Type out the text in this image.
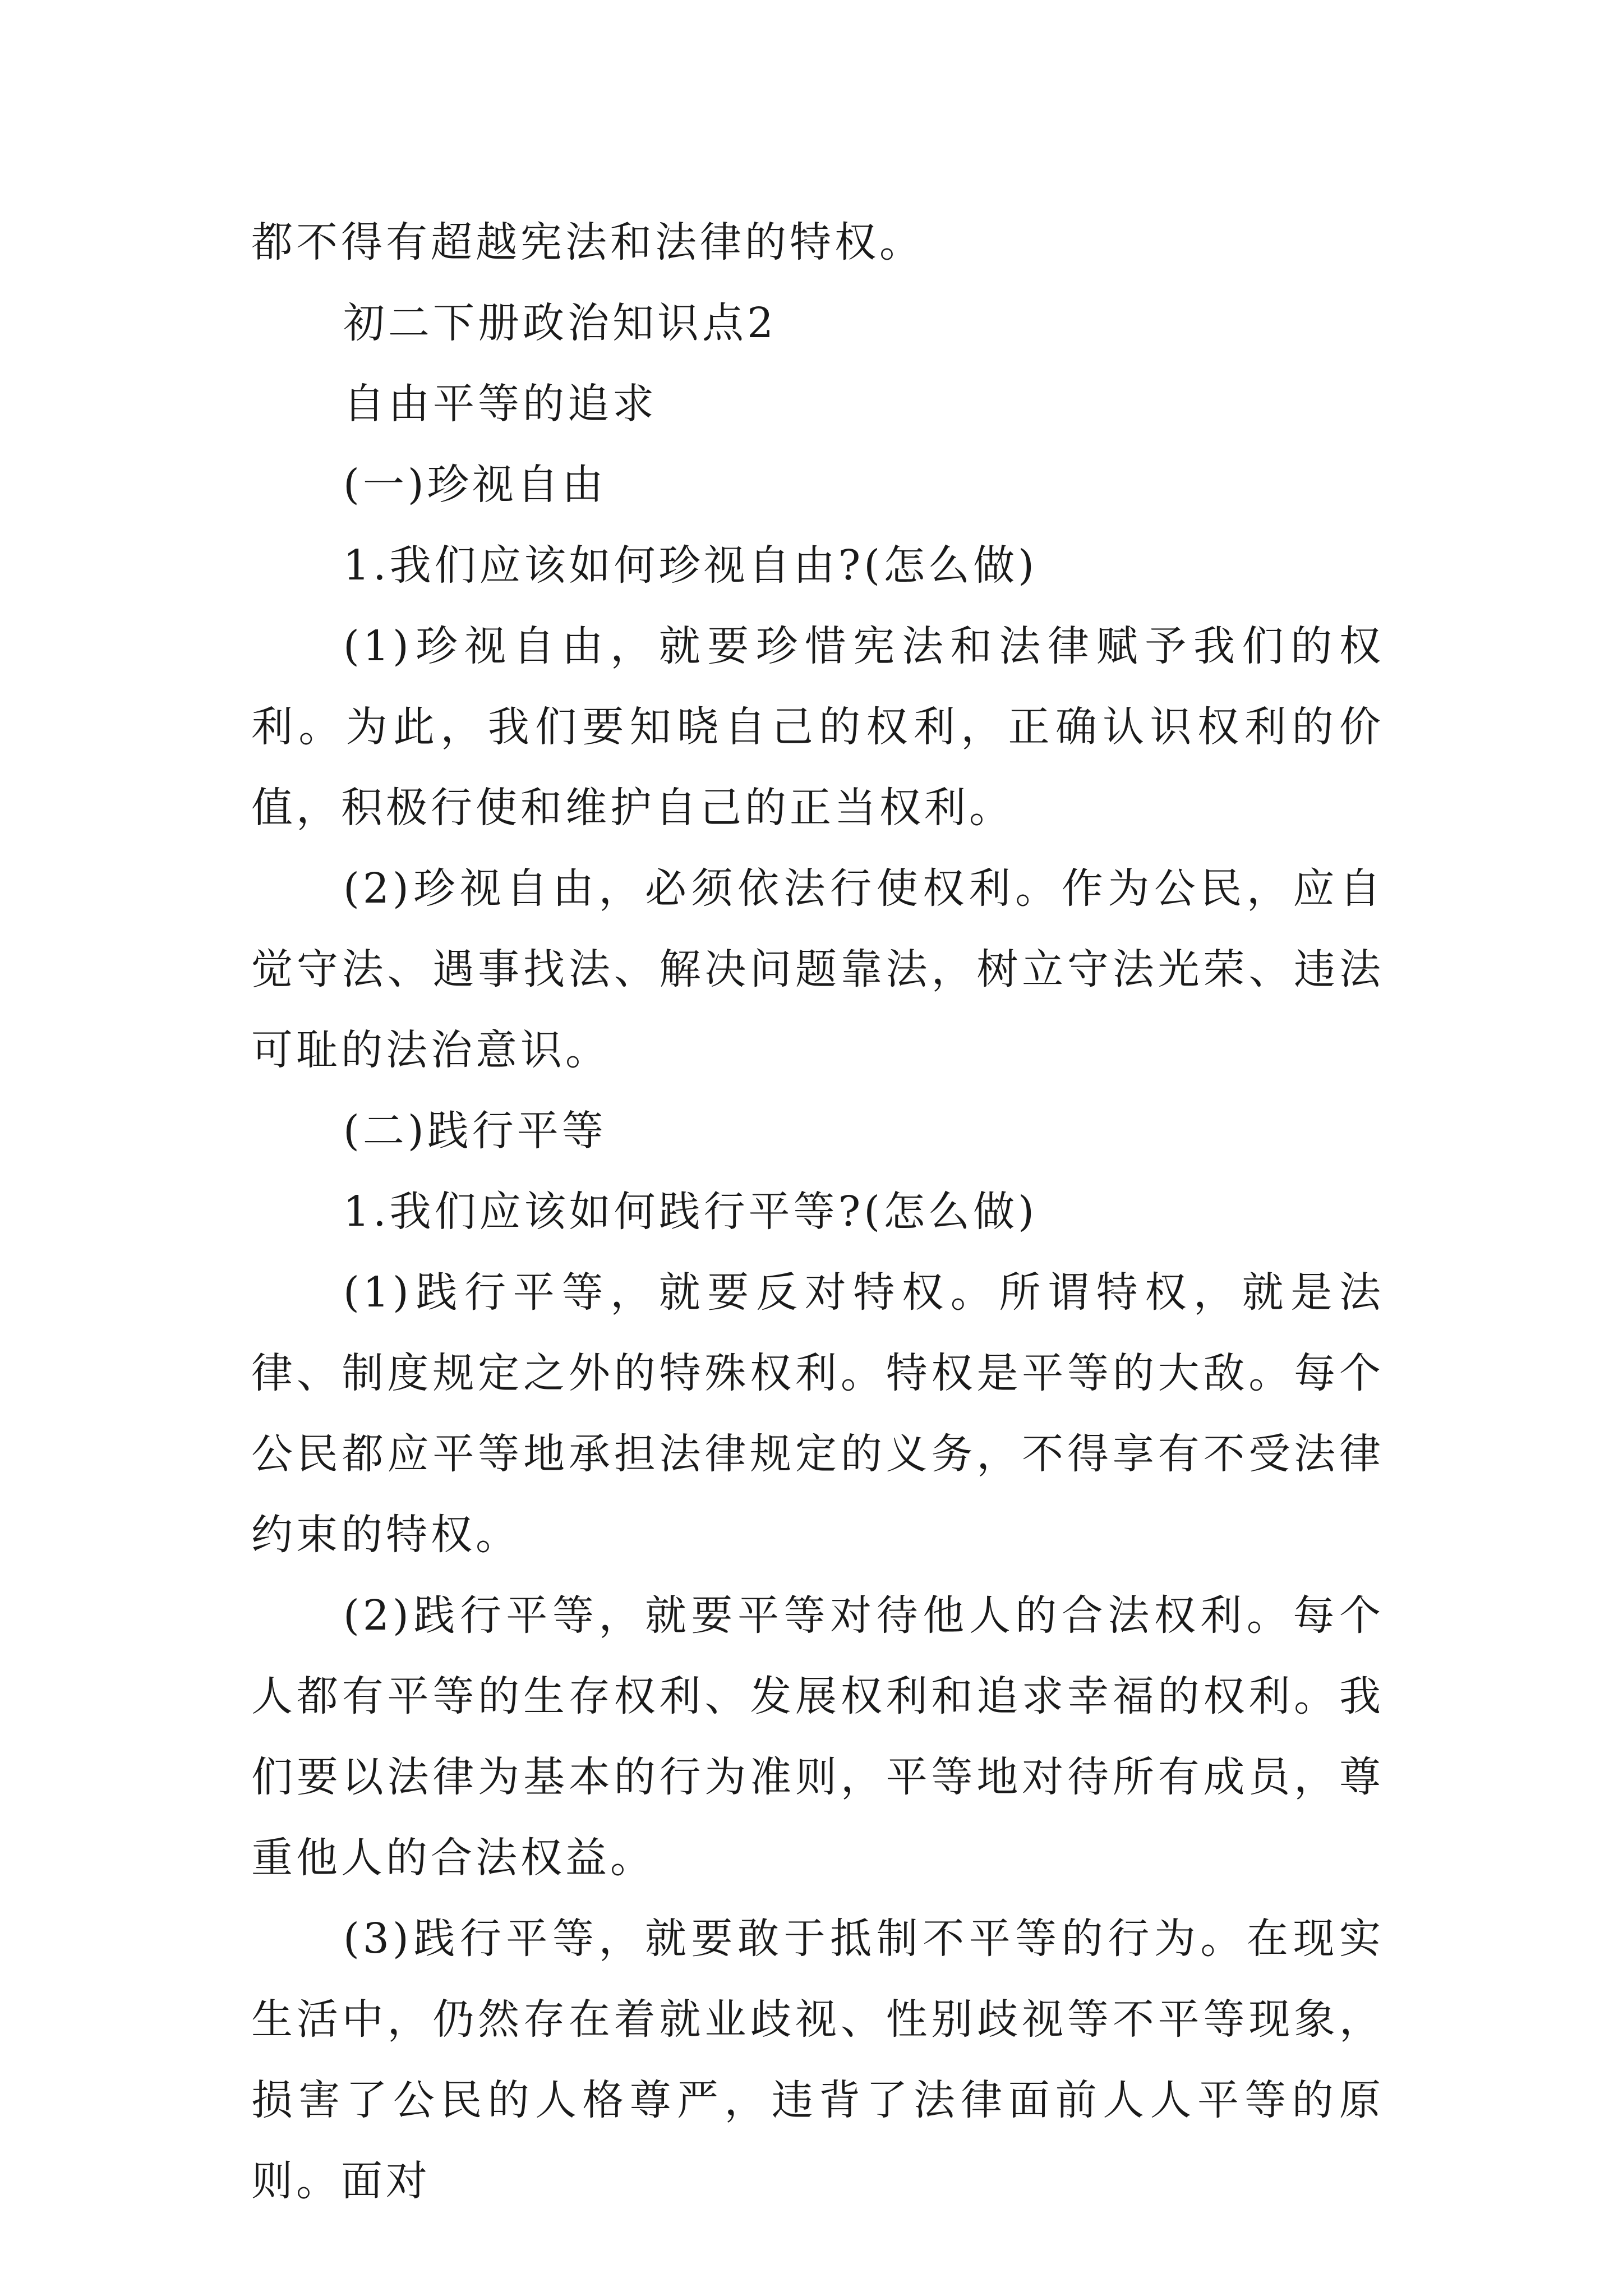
都不得有超越宪法和法律的特权。

初二下册政治知识点2

自由平等的追求

(一)珍视自由

1.我们应该如何珍视自由?(怎么做)

(1)珍视自由，就要珍惜宪法和法律赋予我们的权利。为此，我们要知晓自己的权利，正确认识权利的价值，积极行使和维护自己的正当权利。

(2)珍视自由，必须依法行使权利。作为公民，应自觉守法、遇事找法、解决问题靠法，树立守法光荣、违法可耻的法治意识。

(二)践行平等

1.我们应该如何践行平等?(怎么做)

(1)践行平等，就要反对特权。所谓特权，就是法律、制度规定之外的特殊权利。特权是平等的大敌。每个公民都应平等地承担法律规定的义务，不得享有不受法律约束的特权。

(2)践行平等，就要平等对待他人的合法权利。每个人都有平等的生存权利、发展权利和追求幸福的权利。我们要以法律为基本的行为准则，平等地对待所有成员，尊重他人的合法权益。

(3)践行平等，就要敢于抵制不平等的行为。在现实生活中，仍然存在着就业歧视、性别歧视等不平等现象，损害了公民的人格尊严，违背了法律面前人人平等的原则。面对
